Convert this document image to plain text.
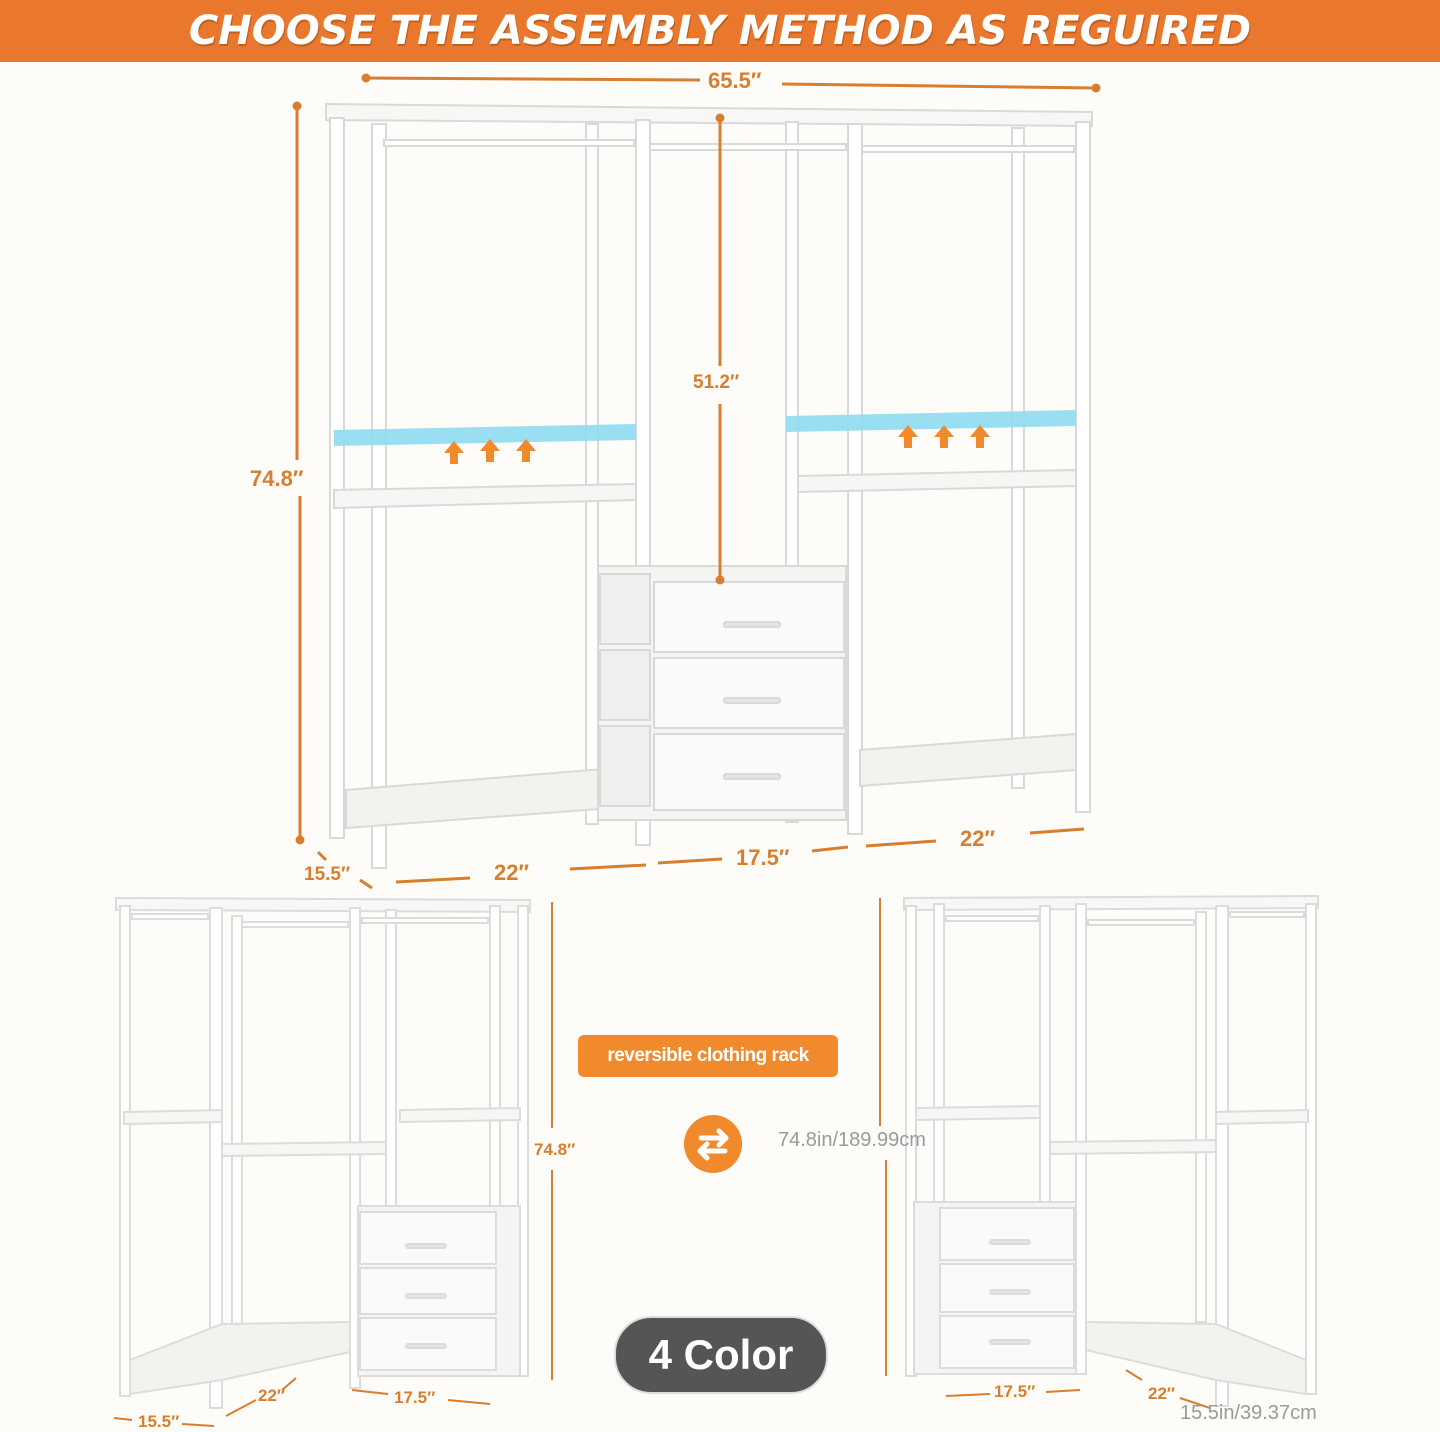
CHOOSE THE ASSEMBLY METHOD AS REGUIRED
65.5″
74.8″
51.2″
15.5″	22″
17.5″
22″
74.8″
22″	17.5″
15.5″
17.5″	22″
15.5in/39.37cm
reversible clothing rack
74.8in/189.99cm
4 Color
